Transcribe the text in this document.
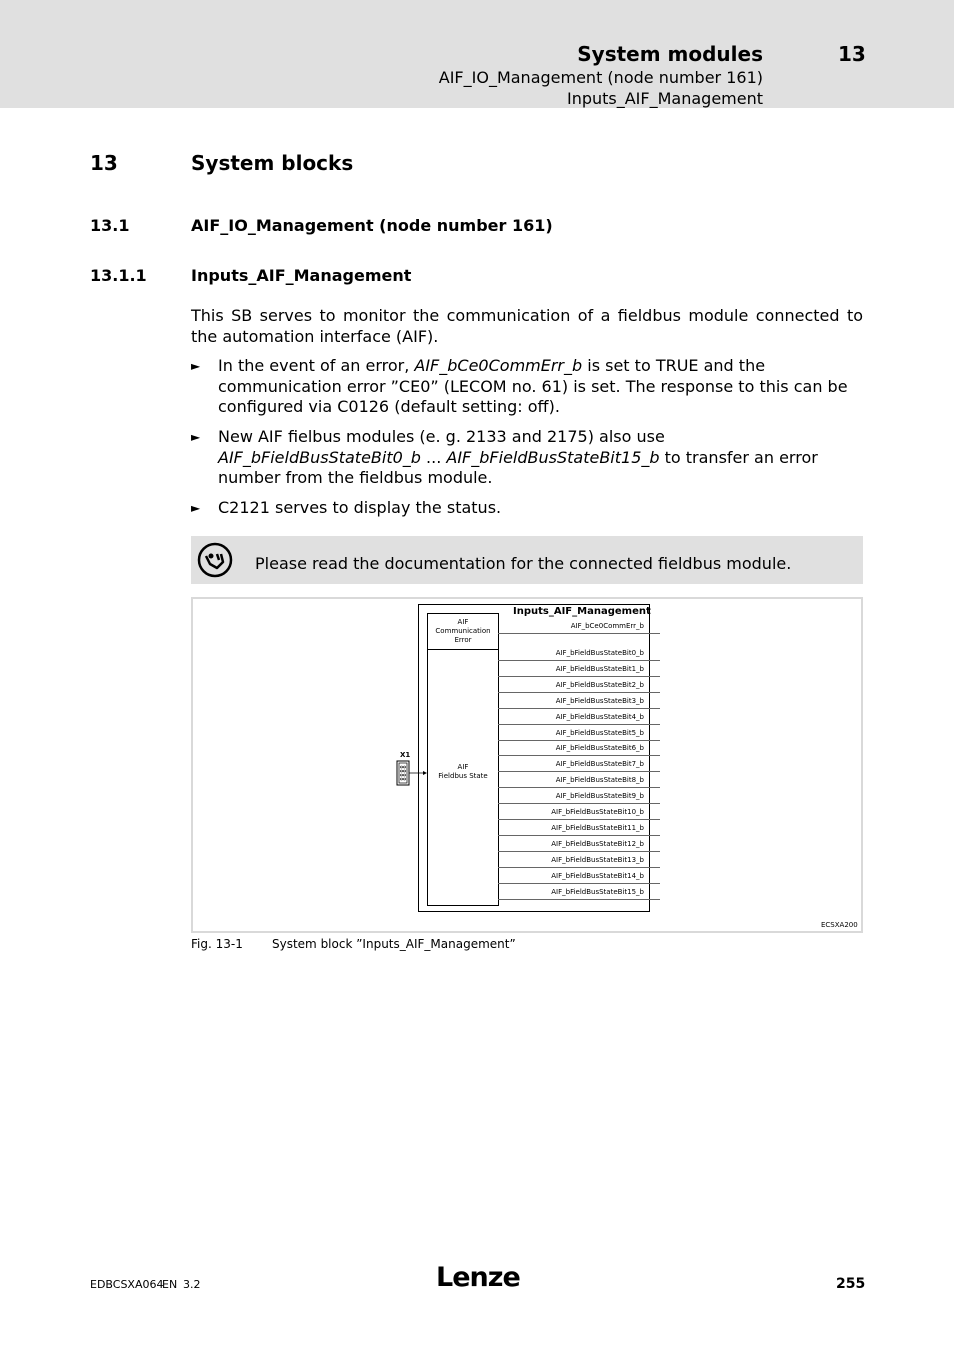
System modules	13
AIF_IO_Management (node number 161)
Inputs_AIF_Management
13	System blocks
13.1	AIF_IO_Management (node number 161)
13.1.1	Inputs_AIF_Management
This SB serves to monitor the communication of a fieldbus module connected to the automation interface (AIF).
► In the event of an error, AIF_bCe0CommErr_b is set to TRUE and the communication error ”CE0” (LECOM no. 61) is set. The response to this can be configured via C0126 (default setting: off).
► New AIF fielbus modules (e. g. 2133 and 2175) also use AIF_bFieldBusStateBit0_b ... AIF_bFieldBusStateBit15_b to transfer an error number from the fieldbus module.
► C2121 serves to display the status.
Please read the documentation for the connected fieldbus module.
Inputs_AIF_Management
AIF
Communication
Error
AIF
Fieldbus State
X1
AIF_bCe0CommErr_b
AIF_bFieldBusStateBit0_b
AIF_bFieldBusStateBit1_b
AIF_bFieldBusStateBit2_b
AIF_bFieldBusStateBit3_b
AIF_bFieldBusStateBit4_b
AIF_bFieldBusStateBit5_b
AIF_bFieldBusStateBit6_b
AIF_bFieldBusStateBit7_b
AIF_bFieldBusStateBit8_b
AIF_bFieldBusStateBit9_b
AIF_bFieldBusStateBit10_b
AIF_bFieldBusStateBit11_b
AIF_bFieldBusStateBit12_b
AIF_bFieldBusStateBit13_b
AIF_bFieldBusStateBit14_b
AIF_bFieldBusStateBit15_b
ECSXA200
Fig. 13-1 System block ”Inputs_AIF_Management”
EDBCSXA064
EN 3.2	Lenze	255
